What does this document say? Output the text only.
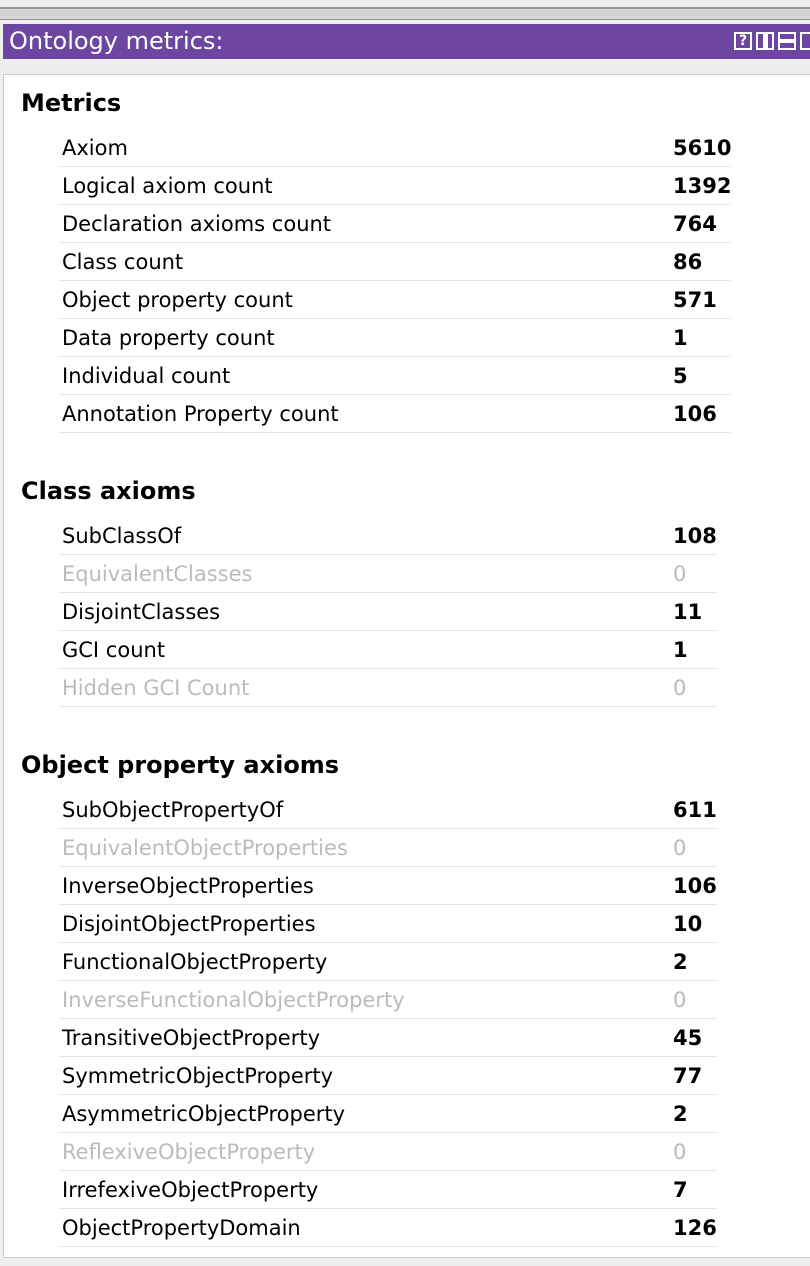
Ontology metrics:	?
Metrics
Axiom	5610
Logical axiom count	1392
Declaration axioms count	764
Class count	86
Object property count	571
Data property count	1
Individual count	5
Annotation Property count	106
Class axioms
SubClassOf	108
EquivalentClasses	0
DisjointClasses	11
GCI count	1
Hidden GCI Count	0
Object property axioms
SubObjectPropertyOf	611
EquivalentObjectProperties	0
InverseObjectProperties	106
DisjointObjectProperties	10
FunctionalObjectProperty	2
InverseFunctionalObjectProperty	0
TransitiveObjectProperty	45
SymmetricObjectProperty	77
AsymmetricObjectProperty	2
ReflexiveObjectProperty	0
IrrefexiveObjectProperty	7
ObjectPropertyDomain	126
